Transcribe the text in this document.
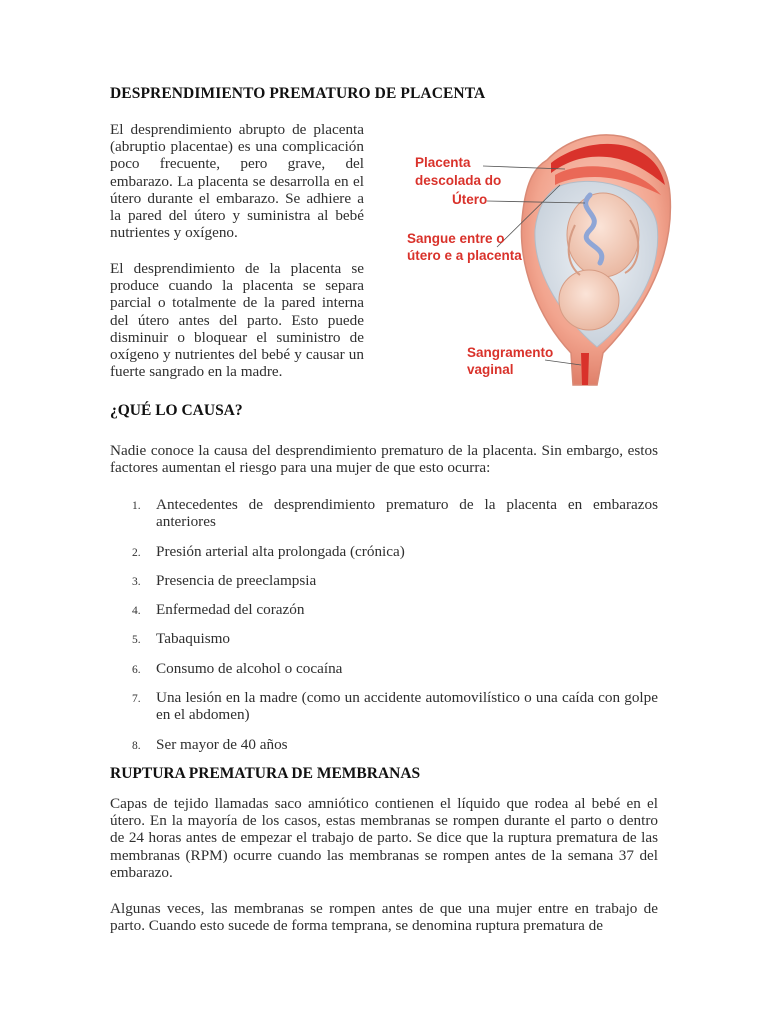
DESPRENDIMIENTO PREMATURO DE PLACENTA

El desprendimiento abrupto de placenta (abruptio placentae) es una complicación poco frecuente, pero grave, del embarazo. La placenta se desarrolla en el útero durante el embarazo. Se adhiere a la pared del útero y suministra al bebé nutrientes y oxígeno.

El desprendimiento de la placenta se produce cuando la placenta se separa parcial o totalmente de la pared interna del útero antes del parto. Esto puede disminuir o bloquear el suministro de oxígeno y nutrientes del bebé y causar un fuerte sangrado en la madre.

Placenta
descolada do
Útero
Sangue entre o
útero e a placenta
Sangramento
vaginal
¿QUÉ LO CAUSA?

Nadie conoce la causa del desprendimiento prematuro de la placenta. Sin embargo, estos factores aumentan el riesgo para una mujer de que esto ocurra:

1.	Antecedentes de desprendimiento prematuro de la placenta en embarazos anteriores
2.	Presión arterial alta prolongada (crónica)
3.	Presencia de preeclampsia
4.	Enfermedad del corazón
5.	Tabaquismo
6.	Consumo de alcohol o cocaína
7.	Una lesión en la madre (como un accidente automovilístico o una caída con golpe en el abdomen)
8.	Ser mayor de 40 años
RUPTURA PREMATURA DE MEMBRANAS

Capas de tejido llamadas saco amniótico contienen el líquido que rodea al bebé en el útero. En la mayoría de los casos, estas membranas se rompen durante el parto o dentro de 24 horas antes de empezar el trabajo de parto. Se dice que la ruptura prematura de las membranas (RPM) ocurre cuando las membranas se rompen antes de la semana 37 del embarazo.

Algunas veces, las membranas se rompen antes de que una mujer entre en trabajo de parto. Cuando esto sucede de forma temprana, se denomina ruptura prematura de
